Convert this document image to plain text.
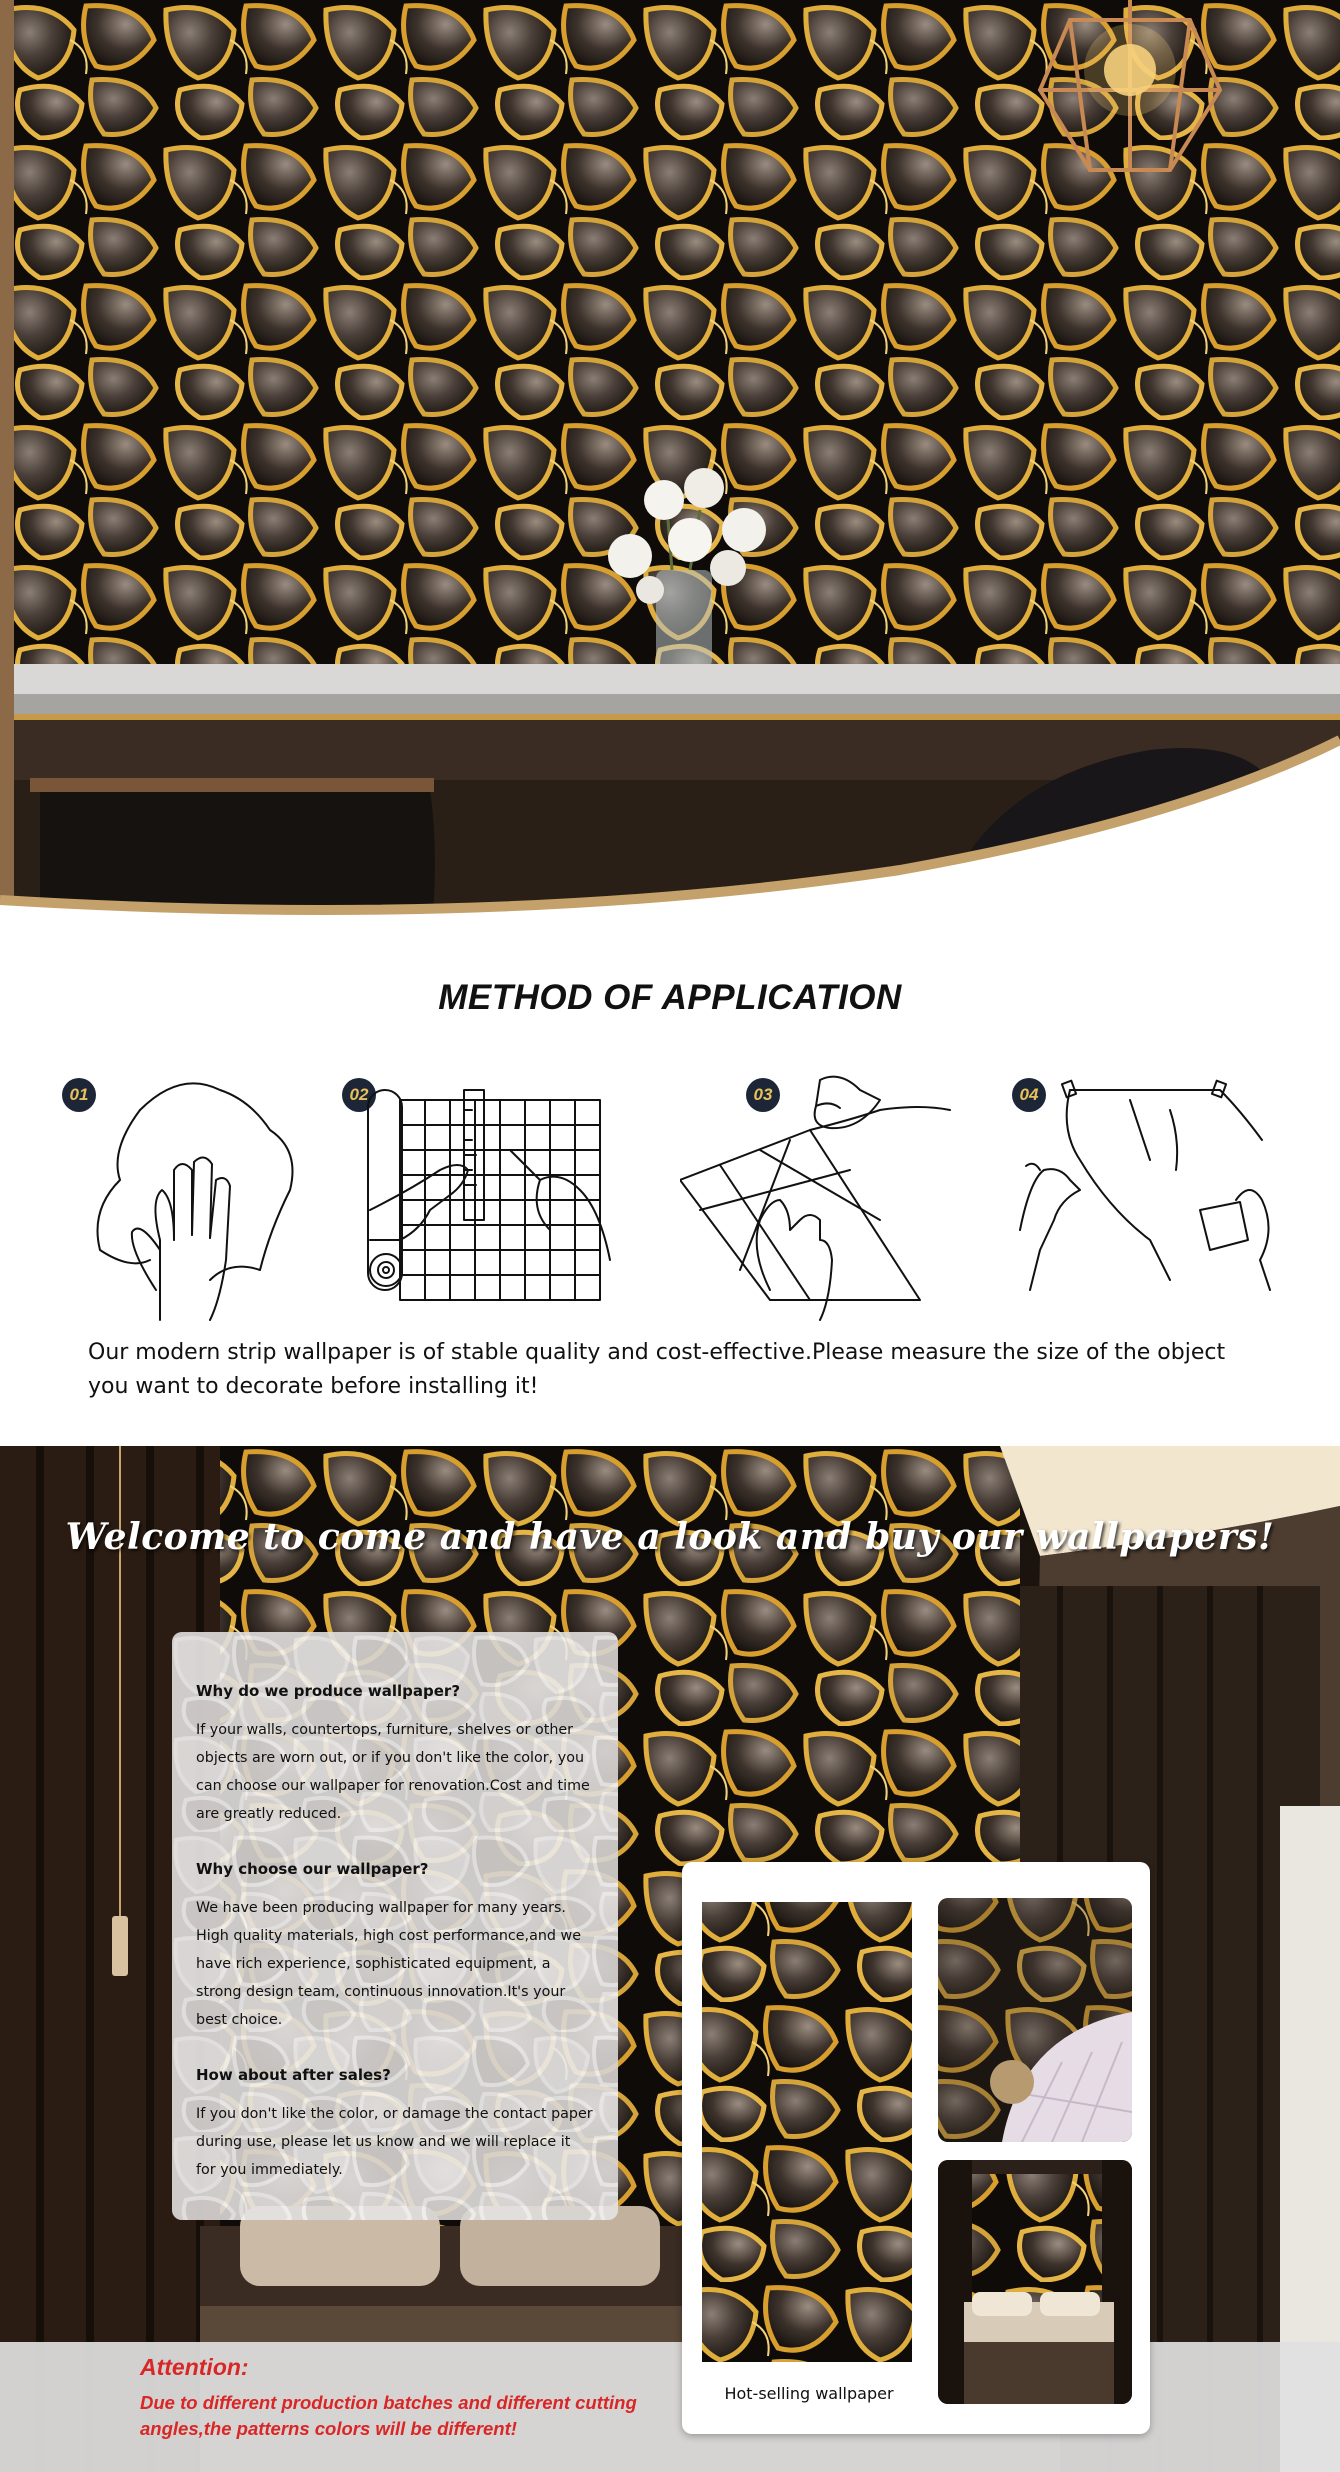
METHOD OF APPLICATION
01	02	03	04
Our modern strip wallpaper is of stable quality and cost-effective.Please measure the size of the object you want to decorate before installing it!
Welcome to come and have a look and buy our wallpapers!
Why do we produce wallpaper?
If your walls, countertops, furniture, shelves or other objects are worn out, or if you don't like the color, you can choose our wallpaper for renovation.Cost and time are greatly reduced.
Why choose our wallpaper?
We have been producing wallpaper for many years. High quality materials, high cost performance,and we have rich experience, sophisticated equipment, a strong design team, continuous innovation.It's your best choice.
How about after sales?
If you don't like the color, or damage the contact paper during use, please let us know and we will replace it for you immediately.
Attention:
Due to different production batches and different cutting angles,the patterns colors will be different!
Hot-selling wallpaper
